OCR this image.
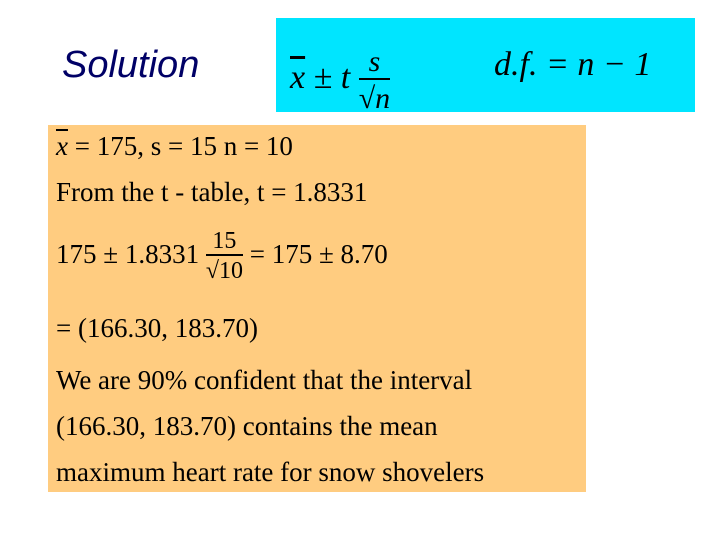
Solution	$\overline{x} \pm t \frac{s}{√n}$	d.f. = n − 1
$\overline{x} = 175$, s = 15 n = 10
From the t - table, t = 1.8331
$175 \pm 1.8331 \frac{15}{√10} = 175 \pm 8.70$
= (166.30, 183.70)
We are 90% confident that the interval
(166.30, 183.70) contains the mean
maximum heart rate for snow shovelers
